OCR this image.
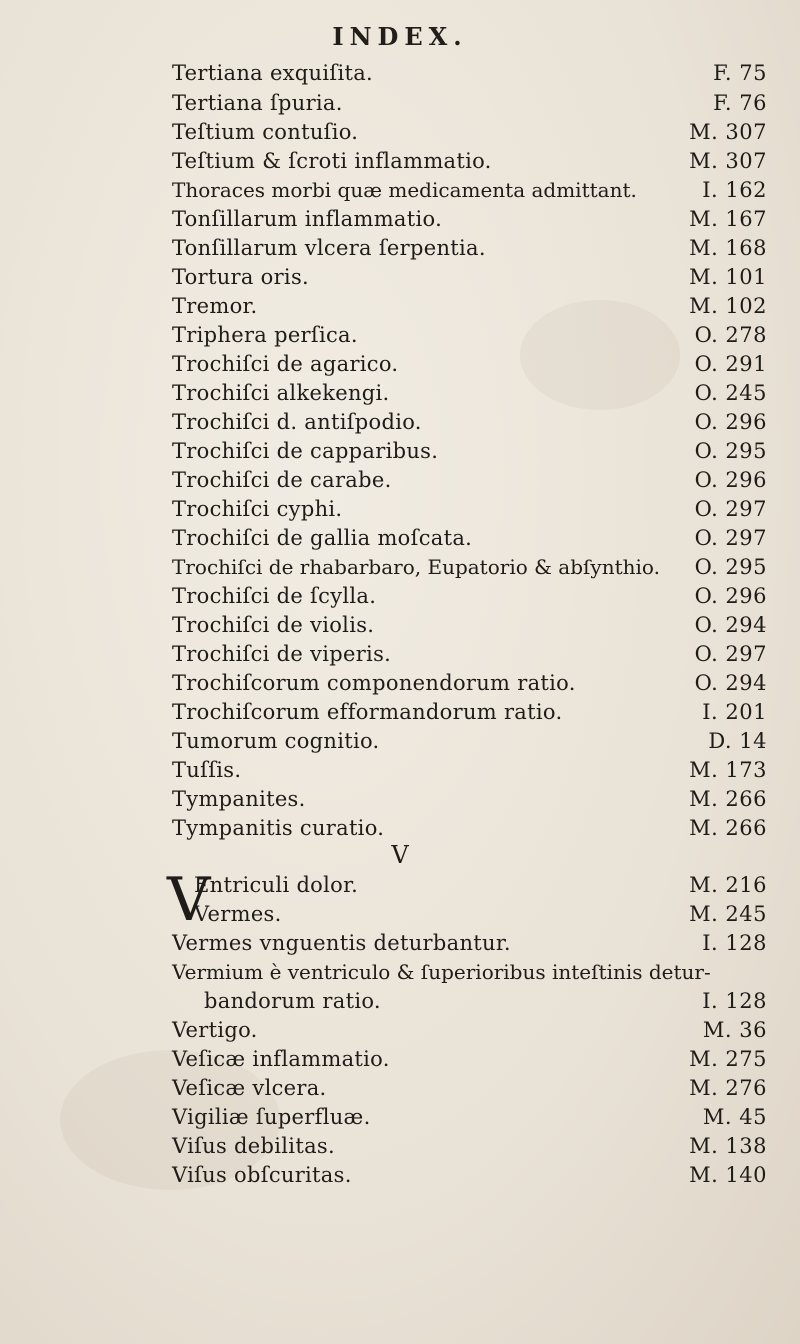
INDEX.
Tertiana exquiſita.	F. 75
Tertiana ſpuria.	F. 76
Teſtium contuſio.	M. 307
Teſtium & ſcroti inflammatio.	M. 307
Thoraces morbi quæ medicamenta admittant.	I. 162
Tonſillarum inflammatio.	M. 167
Tonſillarum vlcera ſerpentia.	M. 168
Tortura oris.	M. 101
Tremor.	M. 102
Triphera perſica.	O. 278
Trochiſci de agarico.	O. 291
Trochiſci alkekengi.	O. 245
Trochiſci d. antiſpodio.	O. 296
Trochiſci de capparibus.	O. 295
Trochiſci de carabe.	O. 296
Trochiſci cyphi.	O. 297
Trochiſci de gallia moſcata.	O. 297
Trochiſci de rhabarbaro, Eupatorio & abſynthio. O. 295
Trochiſci de ſcylla.	O. 296
Trochiſci de violis.	O. 294
Trochiſci de viperis.	O. 297
Trochiſcorum componendorum ratio.	O. 294
Trochiſcorum efformandorum ratio.	I. 201
Tumorum cognitio.	D. 14
Tuſſis.	M. 173
Tympanites.	M. 266
Tympanitis curatio.	M. 266
V
V
Entriculi dolor.	M. 216
Vermes.	M. 245
Vermes vnguentis deturbantur.	I. 128
Vermium è ventriculo & ſuperioribus inteſtinis detur-
bandorum ratio.	I. 128
Vertigo.	M. 36
Veſicæ inflammatio.	M. 275
Veſicæ vlcera.	M. 276
Vigiliæ ſuperfluæ.	M. 45
Viſus debilitas.	M. 138
Viſus obſcuritas.	M. 140
